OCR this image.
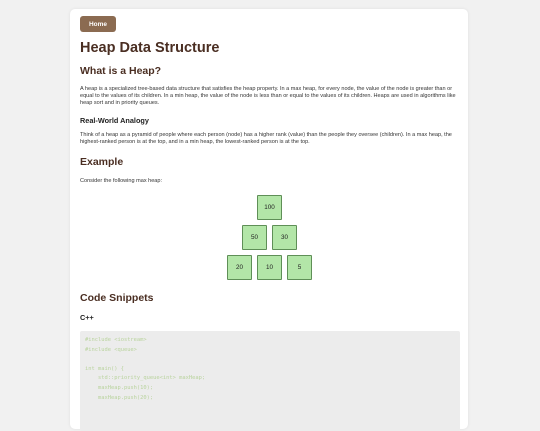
Home
Heap Data Structure
What is a Heap?
A heap is a specialized tree-based data structure that satisfies the heap property. In a max heap, for every node, the value of the node is greater than or equal to the values of its children. In a min heap, the value of the node is less than or equal to the values of its children. Heaps are used in algorithms like heap sort and in priority queues.
Real-World Analogy
Think of a heap as a pyramid of people where each person (node) has a higher rank (value) than the people they oversee (children). In a max heap, the highest-ranked person is at the top, and in a min heap, the lowest-ranked person is at the top.
Example
Consider the following max heap:
100
50	30
20	10	5
Code Snippets
C++
#include <iostream>
#include <queue>
int main() {
std::priority_queue<int> maxHeap;
maxHeap.push(10);
maxHeap.push(20);
